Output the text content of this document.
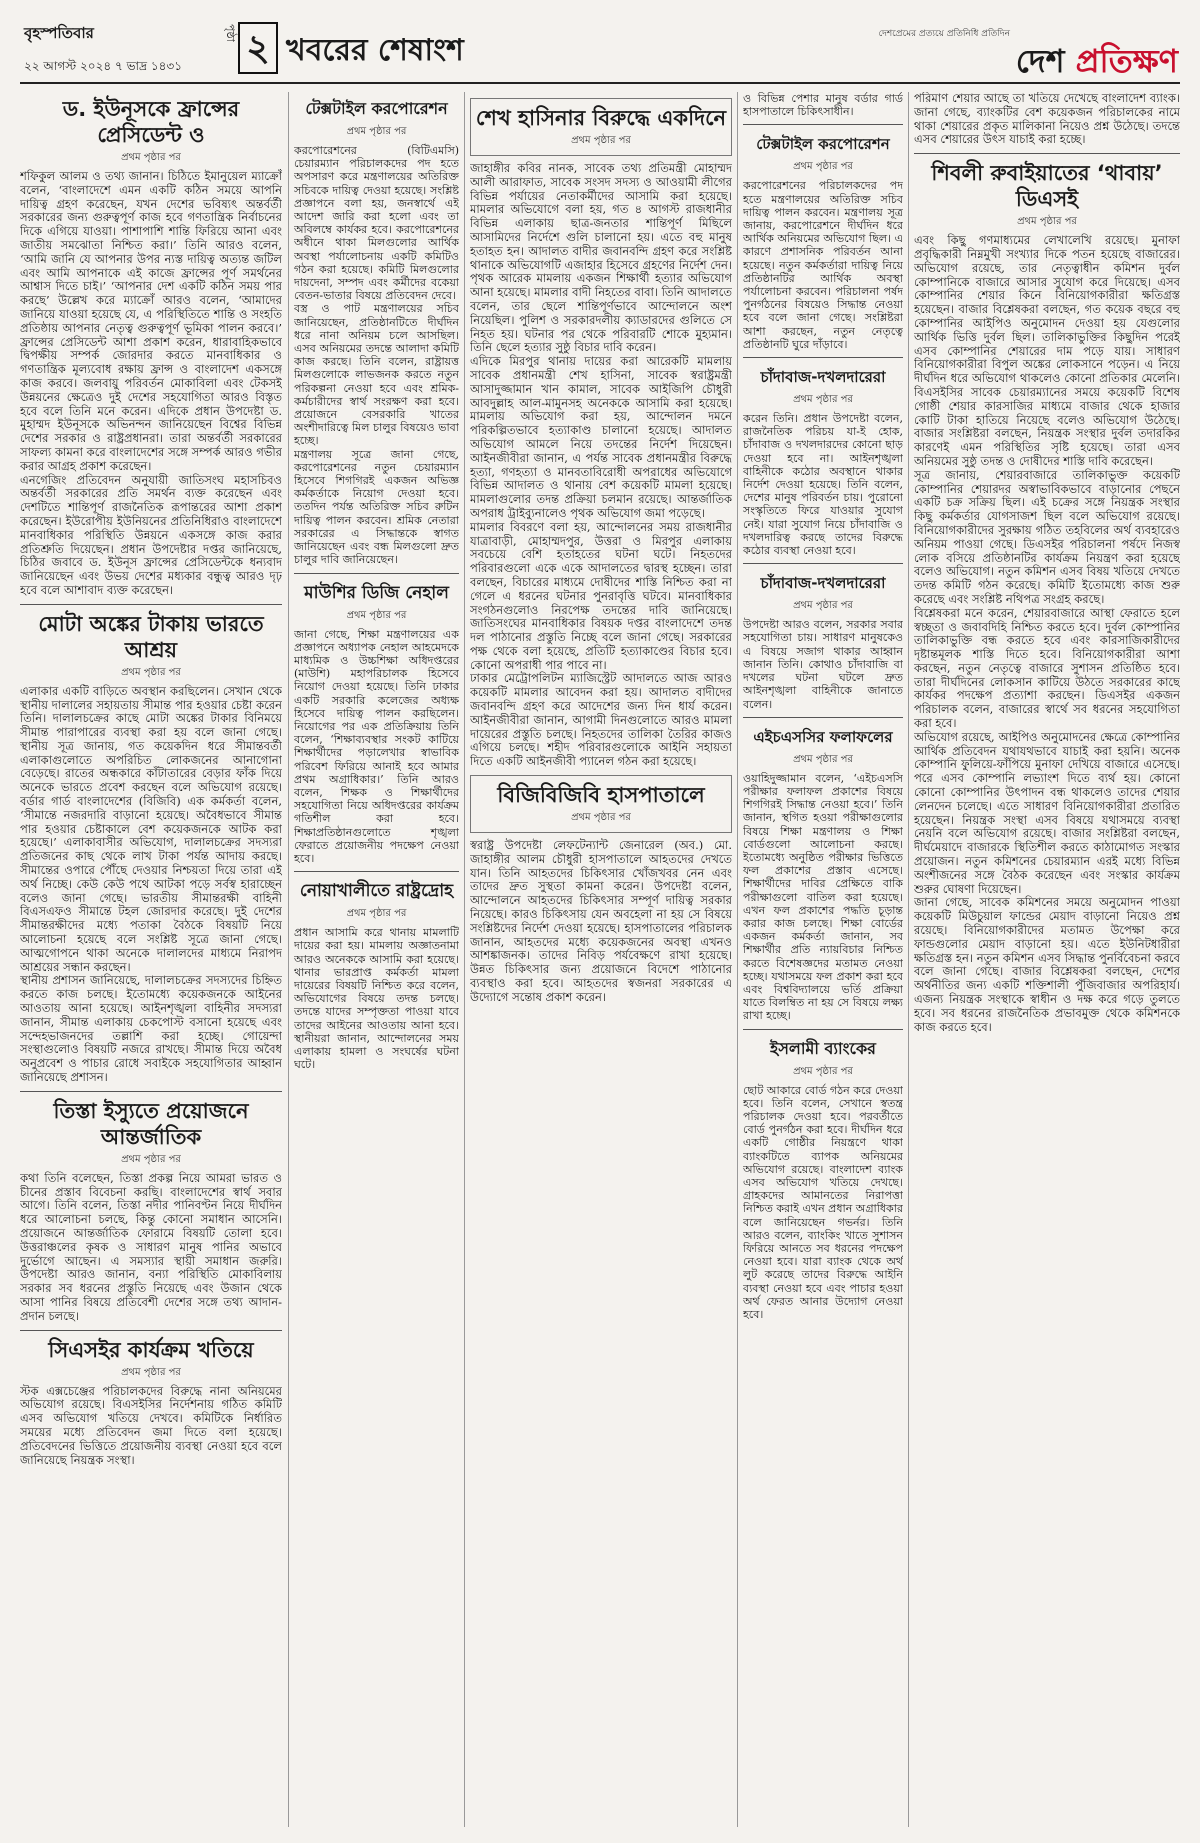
বৃহস্পতিবার
২২ আগস্ট ২০২৪ ৭ ভাদ্র ১৪৩১
পৃষ্ঠা ২ খবরের শেষাংশ	দেশপ্রেমের প্রত্যয়ে প্রতিনিধি প্রতিদিন
দেশ প্রতিক্ষণ
ড. ইউনূসকে ফ্রান্সের প্রেসিডেন্ট ও
প্রথম পৃষ্ঠার পর

শফিকুল আলম ও তথ্য জানান। চিঠিতে ইমানুয়েল ম্যাক্রোঁ বলেন, ‘বাংলাদেশে এমন একটি কঠিন সময়ে আপনি দায়িত্ব গ্রহণ করেছেন, যখন দেশের ভবিষ্যৎ অন্তর্বর্তী সরকারের জন্য গুরুত্বপূর্ণ কাজ হবে গণতান্ত্রিক নির্বাচনের দিকে এগিয়ে যাওয়া। পাশাপাশি শান্তি ফিরিয়ে আনা এবং জাতীয় সমঝোতা নিশ্চিত করা।’ তিনি আরও বলেন, ‘আমি জানি যে আপনার উপর ন্যস্ত দায়িত্ব অত্যন্ত জটিল এবং আমি আপনাকে এই কাজে ফ্রান্সের পূর্ণ সমর্থনের আশ্বাস দিতে চাই।’ ‘আপনার দেশ একটি কঠিন সময় পার করছে’ উল্লেখ করে ম্যাক্রোঁ আরও বলেন, ‘আমাদের জানিয়ে যাওয়া হয়েছে যে, এ পরিস্থিতিতে শান্তি ও সংহতি প্রতিষ্ঠায় আপনার নেতৃত্ব গুরুত্বপূর্ণ ভূমিকা পালন করবে।’ ফ্রান্সের প্রেসিডেন্ট আশা প্রকাশ করেন, ধারাবাহিকভাবে দ্বিপক্ষীয় সম্পর্ক জোরদার করতে মানবাধিকার ও গণতান্ত্রিক মূল্যবোধ রক্ষায় ফ্রান্স ও বাংলাদেশ একসঙ্গে কাজ করবে। জলবায়ু পরিবর্তন মোকাবিলা এবং টেকসই উন্নয়নের ক্ষেত্রেও দুই দেশের সহযোগিতা আরও বিস্তৃত হবে বলে তিনি মনে করেন। এদিকে প্রধান উপদেষ্টা ড. মুহাম্মদ ইউনূসকে অভিনন্দন জানিয়েছেন বিশ্বের বিভিন্ন দেশের সরকার ও রাষ্ট্রপ্রধানরা। তারা অন্তর্বর্তী সরকারের সাফল্য কামনা করে বাংলাদেশের সঙ্গে সম্পর্ক আরও গভীর করার আগ্রহ প্রকাশ করেছেন।

এনগেজিং প্রতিবেদন অনুযায়ী জাতিসংঘ মহাসচিবও অন্তর্বর্তী সরকারের প্রতি সমর্থন ব্যক্ত করেছেন এবং দেশটিতে শান্তিপূর্ণ রাজনৈতিক রূপান্তরের আশা প্রকাশ করেছেন। ইউরোপীয় ইউনিয়নের প্রতিনিধিরাও বাংলাদেশে মানবাধিকার পরিস্থিতি উন্নয়নে একসঙ্গে কাজ করার প্রতিশ্রুতি দিয়েছেন। প্রধান উপদেষ্টার দপ্তর জানিয়েছে, চিঠির জবাবে ড. ইউনূস ফ্রান্সের প্রেসিডেন্টকে ধন্যবাদ জানিয়েছেন এবং উভয় দেশের মধ্যকার বন্ধুত্ব আরও দৃঢ় হবে বলে আশাবাদ ব্যক্ত করেছেন।

মোটা অঙ্কের টাকায় ভারতে আশ্রয়
প্রথম পৃষ্ঠার পর

এলাকার একটি বাড়িতে অবস্থান করছিলেন। সেখান থেকে স্থানীয় দালালের সহায়তায় সীমান্ত পার হওয়ার চেষ্টা করেন তিনি। দালালচক্রের কাছে মোটা অঙ্কের টাকার বিনিময়ে সীমান্ত পারাপারের ব্যবস্থা করা হয় বলে জানা গেছে। স্থানীয় সূত্র জানায়, গত কয়েকদিন ধরে সীমান্তবর্তী এলাকাগুলোতে অপরিচিত লোকজনের আনাগোনা বেড়েছে। রাতের অন্ধকারে কাঁটাতারের বেড়ার ফাঁক দিয়ে অনেকে ভারতে প্রবেশ করছেন বলে অভিযোগ রয়েছে। বর্ডার গার্ড বাংলাদেশের (বিজিবি) এক কর্মকর্তা বলেন, ‘সীমান্তে নজরদারি বাড়ানো হয়েছে। অবৈধভাবে সীমান্ত পার হওয়ার চেষ্টাকালে বেশ কয়েকজনকে আটক করা হয়েছে।’ এলাকাবাসীর অভিযোগ, দালালচক্রের সদস্যরা প্রতিজনের কাছ থেকে লাখ টাকা পর্যন্ত আদায় করছে। সীমান্তের ওপারে পৌঁছে দেওয়ার নিশ্চয়তা দিয়ে তারা এই অর্থ নিচ্ছে। কেউ কেউ পথে আটকা পড়ে সর্বস্ব হারাচ্ছেন বলেও জানা গেছে। ভারতীয় সীমান্তরক্ষী বাহিনী বিএসএফও সীমান্তে টহল জোরদার করেছে। দুই দেশের সীমান্তরক্ষীদের মধ্যে পতাকা বৈঠকে বিষয়টি নিয়ে আলোচনা হয়েছে বলে সংশ্লিষ্ট সূত্রে জানা গেছে। আত্মগোপনে থাকা অনেকে দালালদের মাধ্যমে নিরাপদ আশ্রয়ের সন্ধান করছেন।

স্থানীয় প্রশাসন জানিয়েছে, দালালচক্রের সদস্যদের চিহ্নিত করতে কাজ চলছে। ইতোমধ্যে কয়েকজনকে আইনের আওতায় আনা হয়েছে। আইনশৃঙ্খলা বাহিনীর সদস্যরা জানান, সীমান্ত এলাকায় চেকপোস্ট বসানো হয়েছে এবং সন্দেহভাজনদের তল্লাশি করা হচ্ছে। গোয়েন্দা সংস্থাগুলোও বিষয়টি নজরে রাখছে। সীমান্ত দিয়ে অবৈধ অনুপ্রবেশ ও পাচার রোধে সবাইকে সহযোগিতার আহ্বান জানিয়েছে প্রশাসন।

তিস্তা ইস্যুতে প্রয়োজনে আন্তর্জাতিক
প্রথম পৃষ্ঠার পর

কথা তিনি বলেছেন, তিস্তা প্রকল্প নিয়ে আমরা ভারত ও চীনের প্রস্তাব বিবেচনা করছি। বাংলাদেশের স্বার্থ সবার আগে। তিনি বলেন, তিস্তা নদীর পানিবণ্টন নিয়ে দীর্ঘদিন ধরে আলোচনা চলছে, কিন্তু কোনো সমাধান আসেনি। প্রয়োজনে আন্তর্জাতিক ফোরামে বিষয়টি তোলা হবে। উত্তরাঞ্চলের কৃষক ও সাধারণ মানুষ পানির অভাবে দুর্ভোগে আছেন। এ সমস্যার স্থায়ী সমাধান জরুরি। উপদেষ্টা আরও জানান, বন্যা পরিস্থিতি মোকাবিলায় সরকার সব ধরনের প্রস্তুতি নিয়েছে এবং উজান থেকে আসা পানির বিষয়ে প্রতিবেশী দেশের সঙ্গে তথ্য আদান-প্রদান চলছে।

সিএসইর কার্যক্রম খতিয়ে
প্রথম পৃষ্ঠার পর

স্টক এক্সচেঞ্জের পরিচালকদের বিরুদ্ধে নানা অনিয়মের অভিযোগ রয়েছে। বিএসইসির নির্দেশনায় গঠিত কমিটি এসব অভিযোগ খতিয়ে দেখবে। কমিটিকে নির্ধারিত সময়ের মধ্যে প্রতিবেদন জমা দিতে বলা হয়েছে। প্রতিবেদনের ভিত্তিতে প্রয়োজনীয় ব্যবস্থা নেওয়া হবে বলে জানিয়েছে নিয়ন্ত্রক সংস্থা।

টেক্সটাইল করপোরেশন
প্রথম পৃষ্ঠার পর

করপোরেশনের (বিটিএমসি) চেয়ারম্যান পরিচালকদের পদ হতে অপসারণ করে মন্ত্রণালয়ের অতিরিক্ত সচিবকে দায়িত্ব দেওয়া হয়েছে। সংশ্লিষ্ট প্রজ্ঞাপনে বলা হয়, জনস্বার্থে এই আদেশ জারি করা হলো এবং তা অবিলম্বে কার্যকর হবে। করপোরেশনের অধীনে থাকা মিলগুলোর আর্থিক অবস্থা পর্যালোচনায় একটি কমিটিও গঠন করা হয়েছে। কমিটি মিলগুলোর দায়দেনা, সম্পদ এবং কর্মীদের বকেয়া বেতন-ভাতার বিষয়ে প্রতিবেদন দেবে।

বস্ত্র ও পাট মন্ত্রণালয়ের সচিব জানিয়েছেন, প্রতিষ্ঠানটিতে দীর্ঘদিন ধরে নানা অনিয়ম চলে আসছিল। এসব অনিয়মের তদন্তে আলাদা কমিটি কাজ করছে। তিনি বলেন, রাষ্ট্রায়ত্ত মিলগুলোকে লাভজনক করতে নতুন পরিকল্পনা নেওয়া হবে এবং শ্রমিক-কর্মচারীদের স্বার্থ সংরক্ষণ করা হবে। প্রয়োজনে বেসরকারি খাতের অংশীদারিত্বে মিল চালুর বিষয়েও ভাবা হচ্ছে।

মন্ত্রণালয় সূত্রে জানা গেছে, করপোরেশনের নতুন চেয়ারম্যান হিসেবে শিগগিরই একজন অভিজ্ঞ কর্মকর্তাকে নিয়োগ দেওয়া হবে। ততদিন পর্যন্ত অতিরিক্ত সচিব রুটিন দায়িত্ব পালন করবেন। শ্রমিক নেতারা সরকারের এ সিদ্ধান্তকে স্বাগত জানিয়েছেন এবং বন্ধ মিলগুলো দ্রুত চালুর দাবি জানিয়েছেন।

মাউশির ডিজি নেহাল
প্রথম পৃষ্ঠার পর

জানা গেছে, শিক্ষা মন্ত্রণালয়ের এক প্রজ্ঞাপনে অধ্যাপক নেহাল আহমেদকে মাধ্যমিক ও উচ্চশিক্ষা অধিদপ্তরের (মাউশি) মহাপরিচালক হিসেবে নিয়োগ দেওয়া হয়েছে। তিনি ঢাকার একটি সরকারি কলেজের অধ্যক্ষ হিসেবে দায়িত্ব পালন করছিলেন। নিয়োগের পর এক প্রতিক্রিয়ায় তিনি বলেন, ‘শিক্ষাব্যবস্থার সংকট কাটিয়ে শিক্ষার্থীদের পড়ালেখার স্বাভাবিক পরিবেশ ফিরিয়ে আনাই হবে আমার প্রথম অগ্রাধিকার।’ তিনি আরও বলেন, শিক্ষক ও শিক্ষার্থীদের সহযোগিতা নিয়ে অধিদপ্তরের কার্যক্রম গতিশীল করা হবে। শিক্ষাপ্রতিষ্ঠানগুলোতে শৃঙ্খলা ফেরাতে প্রয়োজনীয় পদক্ষেপ নেওয়া হবে।

নোয়াখালীতে রাষ্ট্রদ্রোহ
প্রথম পৃষ্ঠার পর

প্রধান আসামি করে থানায় মামলাটি দায়ের করা হয়। মামলায় অজ্ঞাতনামা আরও অনেককে আসামি করা হয়েছে। থানার ভারপ্রাপ্ত কর্মকর্তা মামলা দায়েরের বিষয়টি নিশ্চিত করে বলেন, অভিযোগের বিষয়ে তদন্ত চলছে। তদন্তে যাদের সম্পৃক্ততা পাওয়া যাবে তাদের আইনের আওতায় আনা হবে। স্থানীয়রা জানান, আন্দোলনের সময় এলাকায় হামলা ও সংঘর্ষের ঘটনা ঘটে।

শেখ হাসিনার বিরুদ্ধে একদিনে
প্রথম পৃষ্ঠার পর

জাহাঙ্গীর কবির নানক, সাবেক তথ্য প্রতিমন্ত্রী মোহাম্মদ আলী আরাফাত, সাবেক সংসদ সদস্য ও আওয়ামী লীগের বিভিন্ন পর্যায়ের নেতাকর্মীদের আসামি করা হয়েছে। মামলার অভিযোগে বলা হয়, গত ৪ আগস্ট রাজধানীর বিভিন্ন এলাকায় ছাত্র-জনতার শান্তিপূর্ণ মিছিলে আসামিদের নির্দেশে গুলি চালানো হয়। এতে বহু মানুষ হতাহত হন। আদালত বাদীর জবানবন্দি গ্রহণ করে সংশ্লিষ্ট থানাকে অভিযোগটি এজাহার হিসেবে গ্রহণের নির্দেশ দেন। পৃথক আরেক মামলায় একজন শিক্ষার্থী হত্যার অভিযোগ আনা হয়েছে। মামলার বাদী নিহতের বাবা। তিনি আদালতে বলেন, তার ছেলে শান্তিপূর্ণভাবে আন্দোলনে অংশ নিয়েছিল। পুলিশ ও সরকারদলীয় ক্যাডারদের গুলিতে সে নিহত হয়। ঘটনার পর থেকে পরিবারটি শোকে মুহ্যমান। তিনি ছেলে হত্যার সুষ্ঠু বিচার দাবি করেন।

এদিকে মিরপুর থানায় দায়ের করা আরেকটি মামলায় সাবেক প্রধানমন্ত্রী শেখ হাসিনা, সাবেক স্বরাষ্ট্রমন্ত্রী আসাদুজ্জামান খান কামাল, সাবেক আইজিপি চৌধুরী আবদুল্লাহ আল-মামুনসহ অনেককে আসামি করা হয়েছে। মামলায় অভিযোগ করা হয়, আন্দোলন দমনে পরিকল্পিতভাবে হত্যাকাণ্ড চালানো হয়েছে। আদালত অভিযোগ আমলে নিয়ে তদন্তের নির্দেশ দিয়েছেন। আইনজীবীরা জানান, এ পর্যন্ত সাবেক প্রধানমন্ত্রীর বিরুদ্ধে হত্যা, গণহত্যা ও মানবতাবিরোধী অপরাধের অভিযোগে বিভিন্ন আদালত ও থানায় বেশ কয়েকটি মামলা হয়েছে। মামলাগুলোর তদন্ত প্রক্রিয়া চলমান রয়েছে। আন্তর্জাতিক অপরাধ ট্রাইব্যুনালেও পৃথক অভিযোগ জমা পড়েছে।

মামলার বিবরণে বলা হয়, আন্দোলনের সময় রাজধানীর যাত্রাবাড়ী, মোহাম্মদপুর, উত্তরা ও মিরপুর এলাকায় সবচেয়ে বেশি হতাহতের ঘটনা ঘটে। নিহতদের পরিবারগুলো একে একে আদালতের দ্বারস্থ হচ্ছেন। তারা বলছেন, বিচারের মাধ্যমে দোষীদের শাস্তি নিশ্চিত করা না গেলে এ ধরনের ঘটনার পুনরাবৃত্তি ঘটবে। মানবাধিকার সংগঠনগুলোও নিরপেক্ষ তদন্তের দাবি জানিয়েছে। জাতিসংঘের মানবাধিকার বিষয়ক দপ্তর বাংলাদেশে তদন্ত দল পাঠানোর প্রস্তুতি নিচ্ছে বলে জানা গেছে। সরকারের পক্ষ থেকে বলা হয়েছে, প্রতিটি হত্যাকাণ্ডের বিচার হবে। কোনো অপরাধী পার পাবে না।

ঢাকার মেট্রোপলিটন ম্যাজিস্ট্রেট আদালতে আজ আরও কয়েকটি মামলার আবেদন করা হয়। আদালত বাদীদের জবানবন্দি গ্রহণ করে আদেশের জন্য দিন ধার্য করেন। আইনজীবীরা জানান, আগামী দিনগুলোতে আরও মামলা দায়েরের প্রস্তুতি চলছে। নিহতদের তালিকা তৈরির কাজও এগিয়ে চলছে। শহীদ পরিবারগুলোকে আইনি সহায়তা দিতে একটি আইনজীবী প্যানেল গঠন করা হয়েছে।

বিজিবিজিবি হাসপাতালে
প্রথম পৃষ্ঠার পর

স্বরাষ্ট্র উপদেষ্টা লেফটেন্যান্ট জেনারেল (অব.) মো. জাহাঙ্গীর আলম চৌধুরী হাসপাতালে আহতদের দেখতে যান। তিনি আহতদের চিকিৎসার খোঁজখবর নেন এবং তাদের দ্রুত সুস্থতা কামনা করেন। উপদেষ্টা বলেন, আন্দোলনে আহতদের চিকিৎসার সম্পূর্ণ দায়িত্ব সরকার নিয়েছে। কারও চিকিৎসায় যেন অবহেলা না হয় সে বিষয়ে সংশ্লিষ্টদের নির্দেশ দেওয়া হয়েছে। হাসপাতালের পরিচালক জানান, আহতদের মধ্যে কয়েকজনের অবস্থা এখনও আশঙ্কাজনক। তাদের নিবিড় পর্যবেক্ষণে রাখা হয়েছে। উন্নত চিকিৎসার জন্য প্রয়োজনে বিদেশে পাঠানোর ব্যবস্থাও করা হবে। আহতদের স্বজনরা সরকারের এ উদ্যোগে সন্তোষ প্রকাশ করেন।

ও বিভিন্ন পেশার মানুষ বর্ডার গার্ড হাসপাতালে চিকিৎসাধীন।

টেক্সটাইল করপোরেশন
প্রথম পৃষ্ঠার পর

করপোরেশনের পরিচালকদের পদ হতে মন্ত্রণালয়ের অতিরিক্ত সচিব দায়িত্ব পালন করবেন। মন্ত্রণালয় সূত্র জানায়, করপোরেশনে দীর্ঘদিন ধরে আর্থিক অনিয়মের অভিযোগ ছিল। এ কারণে প্রশাসনিক পরিবর্তন আনা হয়েছে। নতুন কর্মকর্তারা দায়িত্ব নিয়ে প্রতিষ্ঠানটির আর্থিক অবস্থা পর্যালোচনা করবেন। পরিচালনা পর্ষদ পুনর্গঠনের বিষয়েও সিদ্ধান্ত নেওয়া হবে বলে জানা গেছে। সংশ্লিষ্টরা আশা করছেন, নতুন নেতৃত্বে প্রতিষ্ঠানটি ঘুরে দাঁড়াবে।

চাঁদাবাজ-দখলদারেরা
প্রথম পৃষ্ঠার পর

করেন তিনি। প্রধান উপদেষ্টা বলেন, রাজনৈতিক পরিচয় যা-ই হোক, চাঁদাবাজ ও দখলদারদের কোনো ছাড় দেওয়া হবে না। আইনশৃঙ্খলা বাহিনীকে কঠোর অবস্থানে থাকার নির্দেশ দেওয়া হয়েছে। তিনি বলেন, দেশের মানুষ পরিবর্তন চায়। পুরোনো সংস্কৃতিতে ফিরে যাওয়ার সুযোগ নেই। যারা সুযোগ নিয়ে চাঁদাবাজি ও দখলদারিত্ব করছে তাদের বিরুদ্ধে কঠোর ব্যবস্থা নেওয়া হবে।

চাঁদাবাজ-দখলদারেরা
প্রথম পৃষ্ঠার পর

উপদেষ্টা আরও বলেন, সরকার সবার সহযোগিতা চায়। সাধারণ মানুষকেও এ বিষয়ে সজাগ থাকার আহ্বান জানান তিনি। কোথাও চাঁদাবাজি বা দখলের ঘটনা ঘটলে দ্রুত আইনশৃঙ্খলা বাহিনীকে জানাতে বলেন।

এইচএসসির ফলাফলের
প্রথম পৃষ্ঠার পর

ওয়াহিদুজ্জামান বলেন, ‘এইচএসসি পরীক্ষার ফলাফল প্রকাশের বিষয়ে শিগগিরই সিদ্ধান্ত নেওয়া হবে।’ তিনি জানান, স্থগিত হওয়া পরীক্ষাগুলোর বিষয়ে শিক্ষা মন্ত্রণালয় ও শিক্ষা বোর্ডগুলো আলোচনা করছে। ইতোমধ্যে অনুষ্ঠিত পরীক্ষার ভিত্তিতে ফল প্রকাশের প্রস্তাব এসেছে। শিক্ষার্থীদের দাবির প্রেক্ষিতে বাকি পরীক্ষাগুলো বাতিল করা হয়েছে। এখন ফল প্রকাশের পদ্ধতি চূড়ান্ত করার কাজ চলছে। শিক্ষা বোর্ডের একজন কর্মকর্তা জানান, সব শিক্ষার্থীর প্রতি ন্যায়বিচার নিশ্চিত করতে বিশেষজ্ঞদের মতামত নেওয়া হচ্ছে। যথাসময়ে ফল প্রকাশ করা হবে এবং বিশ্ববিদ্যালয়ে ভর্তি প্রক্রিয়া যাতে বিলম্বিত না হয় সে বিষয়ে লক্ষ্য রাখা হচ্ছে।

ইসলামী ব্যাংকের
প্রথম পৃষ্ঠার পর

ছোট আকারে বোর্ড গঠন করে দেওয়া হবে। তিনি বলেন, সেখানে স্বতন্ত্র পরিচালক দেওয়া হবে। পরবর্তীতে বোর্ড পুনর্গঠন করা হবে। দীর্ঘদিন ধরে একটি গোষ্ঠীর নিয়ন্ত্রণে থাকা ব্যাংকটিতে ব্যাপক অনিয়মের অভিযোগ রয়েছে। বাংলাদেশ ব্যাংক এসব অভিযোগ খতিয়ে দেখছে। গ্রাহকদের আমানতের নিরাপত্তা নিশ্চিত করাই এখন প্রধান অগ্রাধিকার বলে জানিয়েছেন গভর্নর। তিনি আরও বলেন, ব্যাংকিং খাতে সুশাসন ফিরিয়ে আনতে সব ধরনের পদক্ষেপ নেওয়া হবে। যারা ব্যাংক থেকে অর্থ লুট করেছে তাদের বিরুদ্ধে আইনি ব্যবস্থা নেওয়া হবে এবং পাচার হওয়া অর্থ ফেরত আনার উদ্যোগ নেওয়া হবে।

পরিমাণ শেয়ার আছে তা খতিয়ে দেখেছে বাংলাদেশ ব্যাংক। জানা গেছে, ব্যাংকটির বেশ কয়েকজন পরিচালকের নামে থাকা শেয়ারের প্রকৃত মালিকানা নিয়েও প্রশ্ন উঠেছে। তদন্তে এসব শেয়ারের উৎস যাচাই করা হচ্ছে।

শিবলী রুবাইয়াতের ‘থাবায়’ ডিএসই
প্রথম পৃষ্ঠার পর

এবং কিছু গণমাধ্যমের লেখালেখি রয়েছে। মুনাফা প্রবৃদ্ধিকারী নিম্নমুখী সংখ্যার দিকে পতন হয়েছে বাজারের। অভিযোগ রয়েছে, তার নেতৃত্বাধীন কমিশন দুর্বল কোম্পানিকে বাজারে আসার সুযোগ করে দিয়েছে। এসব কোম্পানির শেয়ার কিনে বিনিয়োগকারীরা ক্ষতিগ্রস্ত হয়েছেন। বাজার বিশ্লেষকরা বলছেন, গত কয়েক বছরে বহু কোম্পানির আইপিও অনুমোদন দেওয়া হয় যেগুলোর আর্থিক ভিত্তি দুর্বল ছিল। তালিকাভুক্তির কিছুদিন পরেই এসব কোম্পানির শেয়ারের দাম পড়ে যায়। সাধারণ বিনিয়োগকারীরা বিপুল অঙ্কের লোকসানে পড়েন। এ নিয়ে দীর্ঘদিন ধরে অভিযোগ থাকলেও কোনো প্রতিকার মেলেনি। বিএসইসির সাবেক চেয়ারম্যানের সময়ে কয়েকটি বিশেষ গোষ্ঠী শেয়ার কারসাজির মাধ্যমে বাজার থেকে হাজার কোটি টাকা হাতিয়ে নিয়েছে বলেও অভিযোগ উঠেছে। বাজার সংশ্লিষ্টরা বলছেন, নিয়ন্ত্রক সংস্থার দুর্বল তদারকির কারণেই এমন পরিস্থিতির সৃষ্টি হয়েছে। তারা এসব অনিয়মের সুষ্ঠু তদন্ত ও দোষীদের শাস্তি দাবি করেছেন।

সূত্র জানায়, শেয়ারবাজারে তালিকাভুক্ত কয়েকটি কোম্পানির শেয়ারদর অস্বাভাবিকভাবে বাড়ানোর পেছনে একটি চক্র সক্রিয় ছিল। এই চক্রের সঙ্গে নিয়ন্ত্রক সংস্থার কিছু কর্মকর্তার যোগসাজশ ছিল বলে অভিযোগ রয়েছে। বিনিয়োগকারীদের সুরক্ষায় গঠিত তহবিলের অর্থ ব্যবহারেও অনিয়ম পাওয়া গেছে। ডিএসইর পরিচালনা পর্ষদে নিজস্ব লোক বসিয়ে প্রতিষ্ঠানটির কার্যক্রম নিয়ন্ত্রণ করা হয়েছে বলেও অভিযোগ। নতুন কমিশন এসব বিষয় খতিয়ে দেখতে তদন্ত কমিটি গঠন করেছে। কমিটি ইতোমধ্যে কাজ শুরু করেছে এবং সংশ্লিষ্ট নথিপত্র সংগ্রহ করছে।

বিশ্লেষকরা মনে করেন, শেয়ারবাজারে আস্থা ফেরাতে হলে স্বচ্ছতা ও জবাবদিহি নিশ্চিত করতে হবে। দুর্বল কোম্পানির তালিকাভুক্তি বন্ধ করতে হবে এবং কারসাজিকারীদের দৃষ্টান্তমূলক শাস্তি দিতে হবে। বিনিয়োগকারীরা আশা করছেন, নতুন নেতৃত্বে বাজারে সুশাসন প্রতিষ্ঠিত হবে। তারা দীর্ঘদিনের লোকসান কাটিয়ে উঠতে সরকারের কাছে কার্যকর পদক্ষেপ প্রত্যাশা করছেন। ডিএসইর একজন পরিচালক বলেন, বাজারের স্বার্থে সব ধরনের সহযোগিতা করা হবে।

অভিযোগ রয়েছে, আইপিও অনুমোদনের ক্ষেত্রে কোম্পানির আর্থিক প্রতিবেদন যথাযথভাবে যাচাই করা হয়নি। অনেক কোম্পানি ফুলিয়ে-ফাঁপিয়ে মুনাফা দেখিয়ে বাজারে এসেছে। পরে এসব কোম্পানি লভ্যাংশ দিতে ব্যর্থ হয়। কোনো কোনো কোম্পানির উৎপাদন বন্ধ থাকলেও তাদের শেয়ার লেনদেন চলেছে। এতে সাধারণ বিনিয়োগকারীরা প্রতারিত হয়েছেন। নিয়ন্ত্রক সংস্থা এসব বিষয়ে যথাসময়ে ব্যবস্থা নেয়নি বলে অভিযোগ রয়েছে। বাজার সংশ্লিষ্টরা বলছেন, দীর্ঘমেয়াদে বাজারকে স্থিতিশীল করতে কাঠামোগত সংস্কার প্রয়োজন। নতুন কমিশনের চেয়ারম্যান এরই মধ্যে বিভিন্ন অংশীজনের সঙ্গে বৈঠক করেছেন এবং সংস্কার কার্যক্রম শুরুর ঘোষণা দিয়েছেন।

জানা গেছে, সাবেক কমিশনের সময়ে অনুমোদন পাওয়া কয়েকটি মিউচুয়াল ফান্ডের মেয়াদ বাড়ানো নিয়েও প্রশ্ন রয়েছে। বিনিয়োগকারীদের মতামত উপেক্ষা করে ফান্ডগুলোর মেয়াদ বাড়ানো হয়। এতে ইউনিটধারীরা ক্ষতিগ্রস্ত হন। নতুন কমিশন এসব সিদ্ধান্ত পুনর্বিবেচনা করবে বলে জানা গেছে। বাজার বিশ্লেষকরা বলছেন, দেশের অর্থনীতির জন্য একটি শক্তিশালী পুঁজিবাজার অপরিহার্য। এজন্য নিয়ন্ত্রক সংস্থাকে স্বাধীন ও দক্ষ করে গড়ে তুলতে হবে। সব ধরনের রাজনৈতিক প্রভাবমুক্ত থেকে কমিশনকে কাজ করতে হবে।
